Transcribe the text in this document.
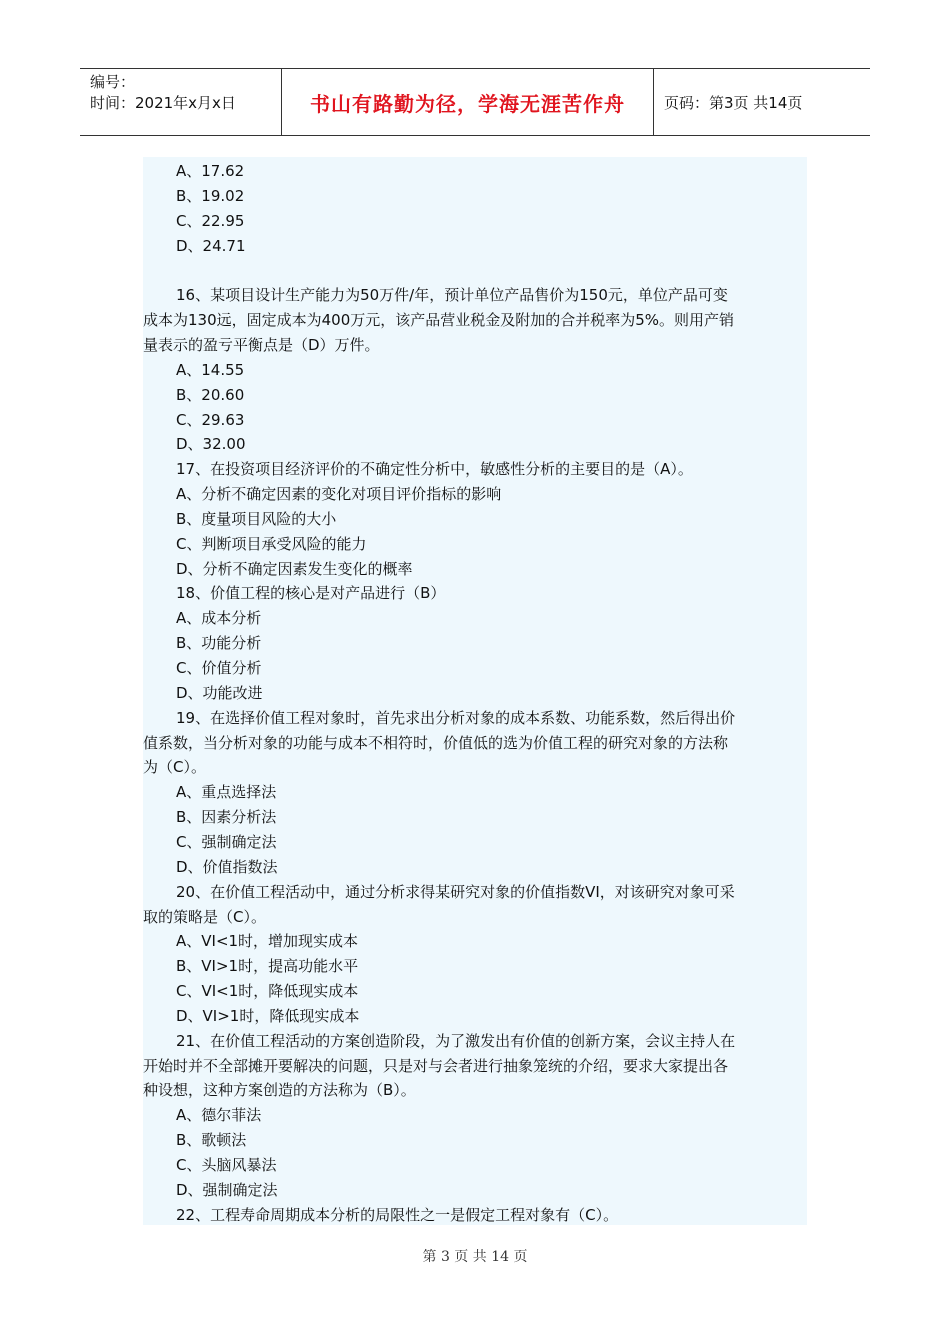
编号：
时间：2021年x月x日	书山有路勤为径，学海无涯苦作舟	页码：第3页 共14页
A、17.62
B、19.02
C、22.95
D、24.71
16、某项目设计生产能力为50万件/年，预计单位产品售价为150元，单位产品可变
成本为130远，固定成本为400万元，该产品营业税金及附加的合并税率为5%。则用产销
量表示的盈亏平衡点是（D）万件。
A、14.55
B、20.60
C、29.63
D、32.00
17、在投资项目经济评价的不确定性分析中，敏感性分析的主要目的是（A）。
A、分析不确定因素的变化对项目评价指标的影响
B、度量项目风险的大小
C、判断项目承受风险的能力
D、分析不确定因素发生变化的概率
18、价值工程的核心是对产品进行（B）
A、成本分析
B、功能分析
C、价值分析
D、功能改进
19、在选择价值工程对象时，首先求出分析对象的成本系数、功能系数，然后得出价
值系数，当分析对象的功能与成本不相符时，价值低的选为价值工程的研究对象的方法称
为（C）。
A、重点选择法
B、因素分析法
C、强制确定法
D、价值指数法
20、在价值工程活动中，通过分析求得某研究对象的价值指数VI，对该研究对象可采
取的策略是（C）。
A、VI<1时，增加现实成本
B、VI>1时，提高功能水平
C、VI<1时，降低现实成本
D、VI>1时，降低现实成本
21、在价值工程活动的方案创造阶段，为了激发出有价值的创新方案，会议主持人在
开始时并不全部摊开要解决的问题，只是对与会者进行抽象笼统的介绍，要求大家提出各
种设想，这种方案创造的方法称为（B）。
A、德尔菲法
B、歌顿法
C、头脑风暴法
D、强制确定法
22、工程寿命周期成本分析的局限性之一是假定工程对象有（C）。
第 3 页 共 14 页
